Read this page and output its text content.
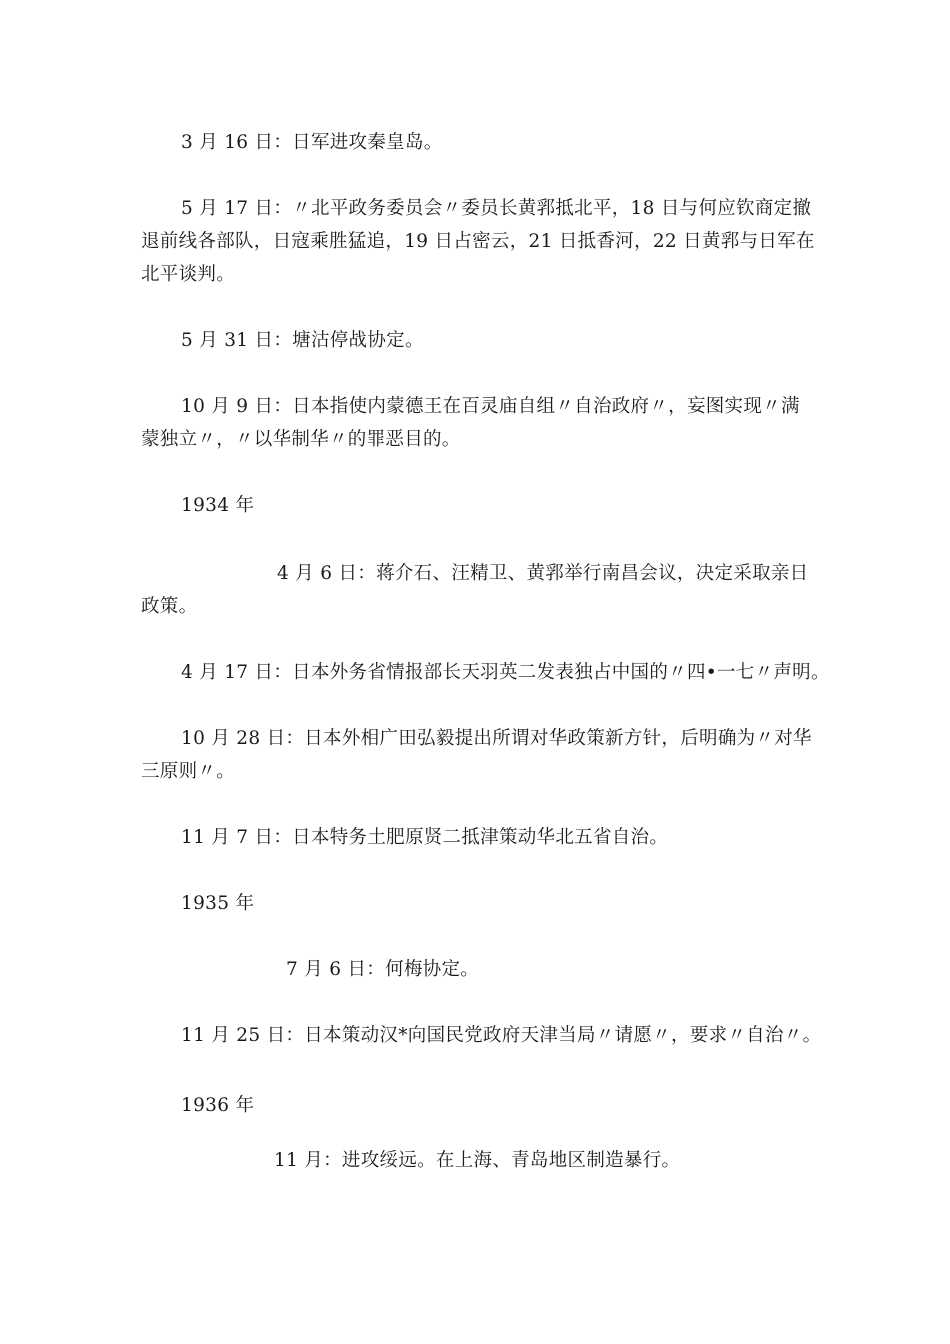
3 月 16 日：日军进攻秦皇岛。

5 月 17 日：〃北平政务委员会〃委员长黄郛抵北平，18 日与何应钦商定撤
退前线各部队，日寇乘胜猛追，19 日占密云，21 日抵香河，22 日黄郛与日军在
北平谈判。

5 月 31 日：塘沽停战协定。

10 月 9 日：日本指使内蒙德王在百灵庙自组〃自治政府〃，妄图实现〃满
蒙独立〃，〃以华制华〃的罪恶目的。

1934 年

4 月 6 日：蒋介石、汪精卫、黄郛举行南昌会议，决定采取亲日
政策。

4 月 17 日：日本外务省情报部长天羽英二发表独占中国的〃四•一七〃声明。

10 月 28 日：日本外相广田弘毅提出所谓对华政策新方针，后明确为〃对华
三原则〃。

11 月 7 日：日本特务土肥原贤二抵津策动华北五省自治。

1935 年

7 月 6 日：何梅协定。

11 月 25 日：日本策动汉*向国民党政府天津当局〃请愿〃，要求〃自治〃。

1936 年

11 月：进攻绥远。在上海、青岛地区制造暴行。
